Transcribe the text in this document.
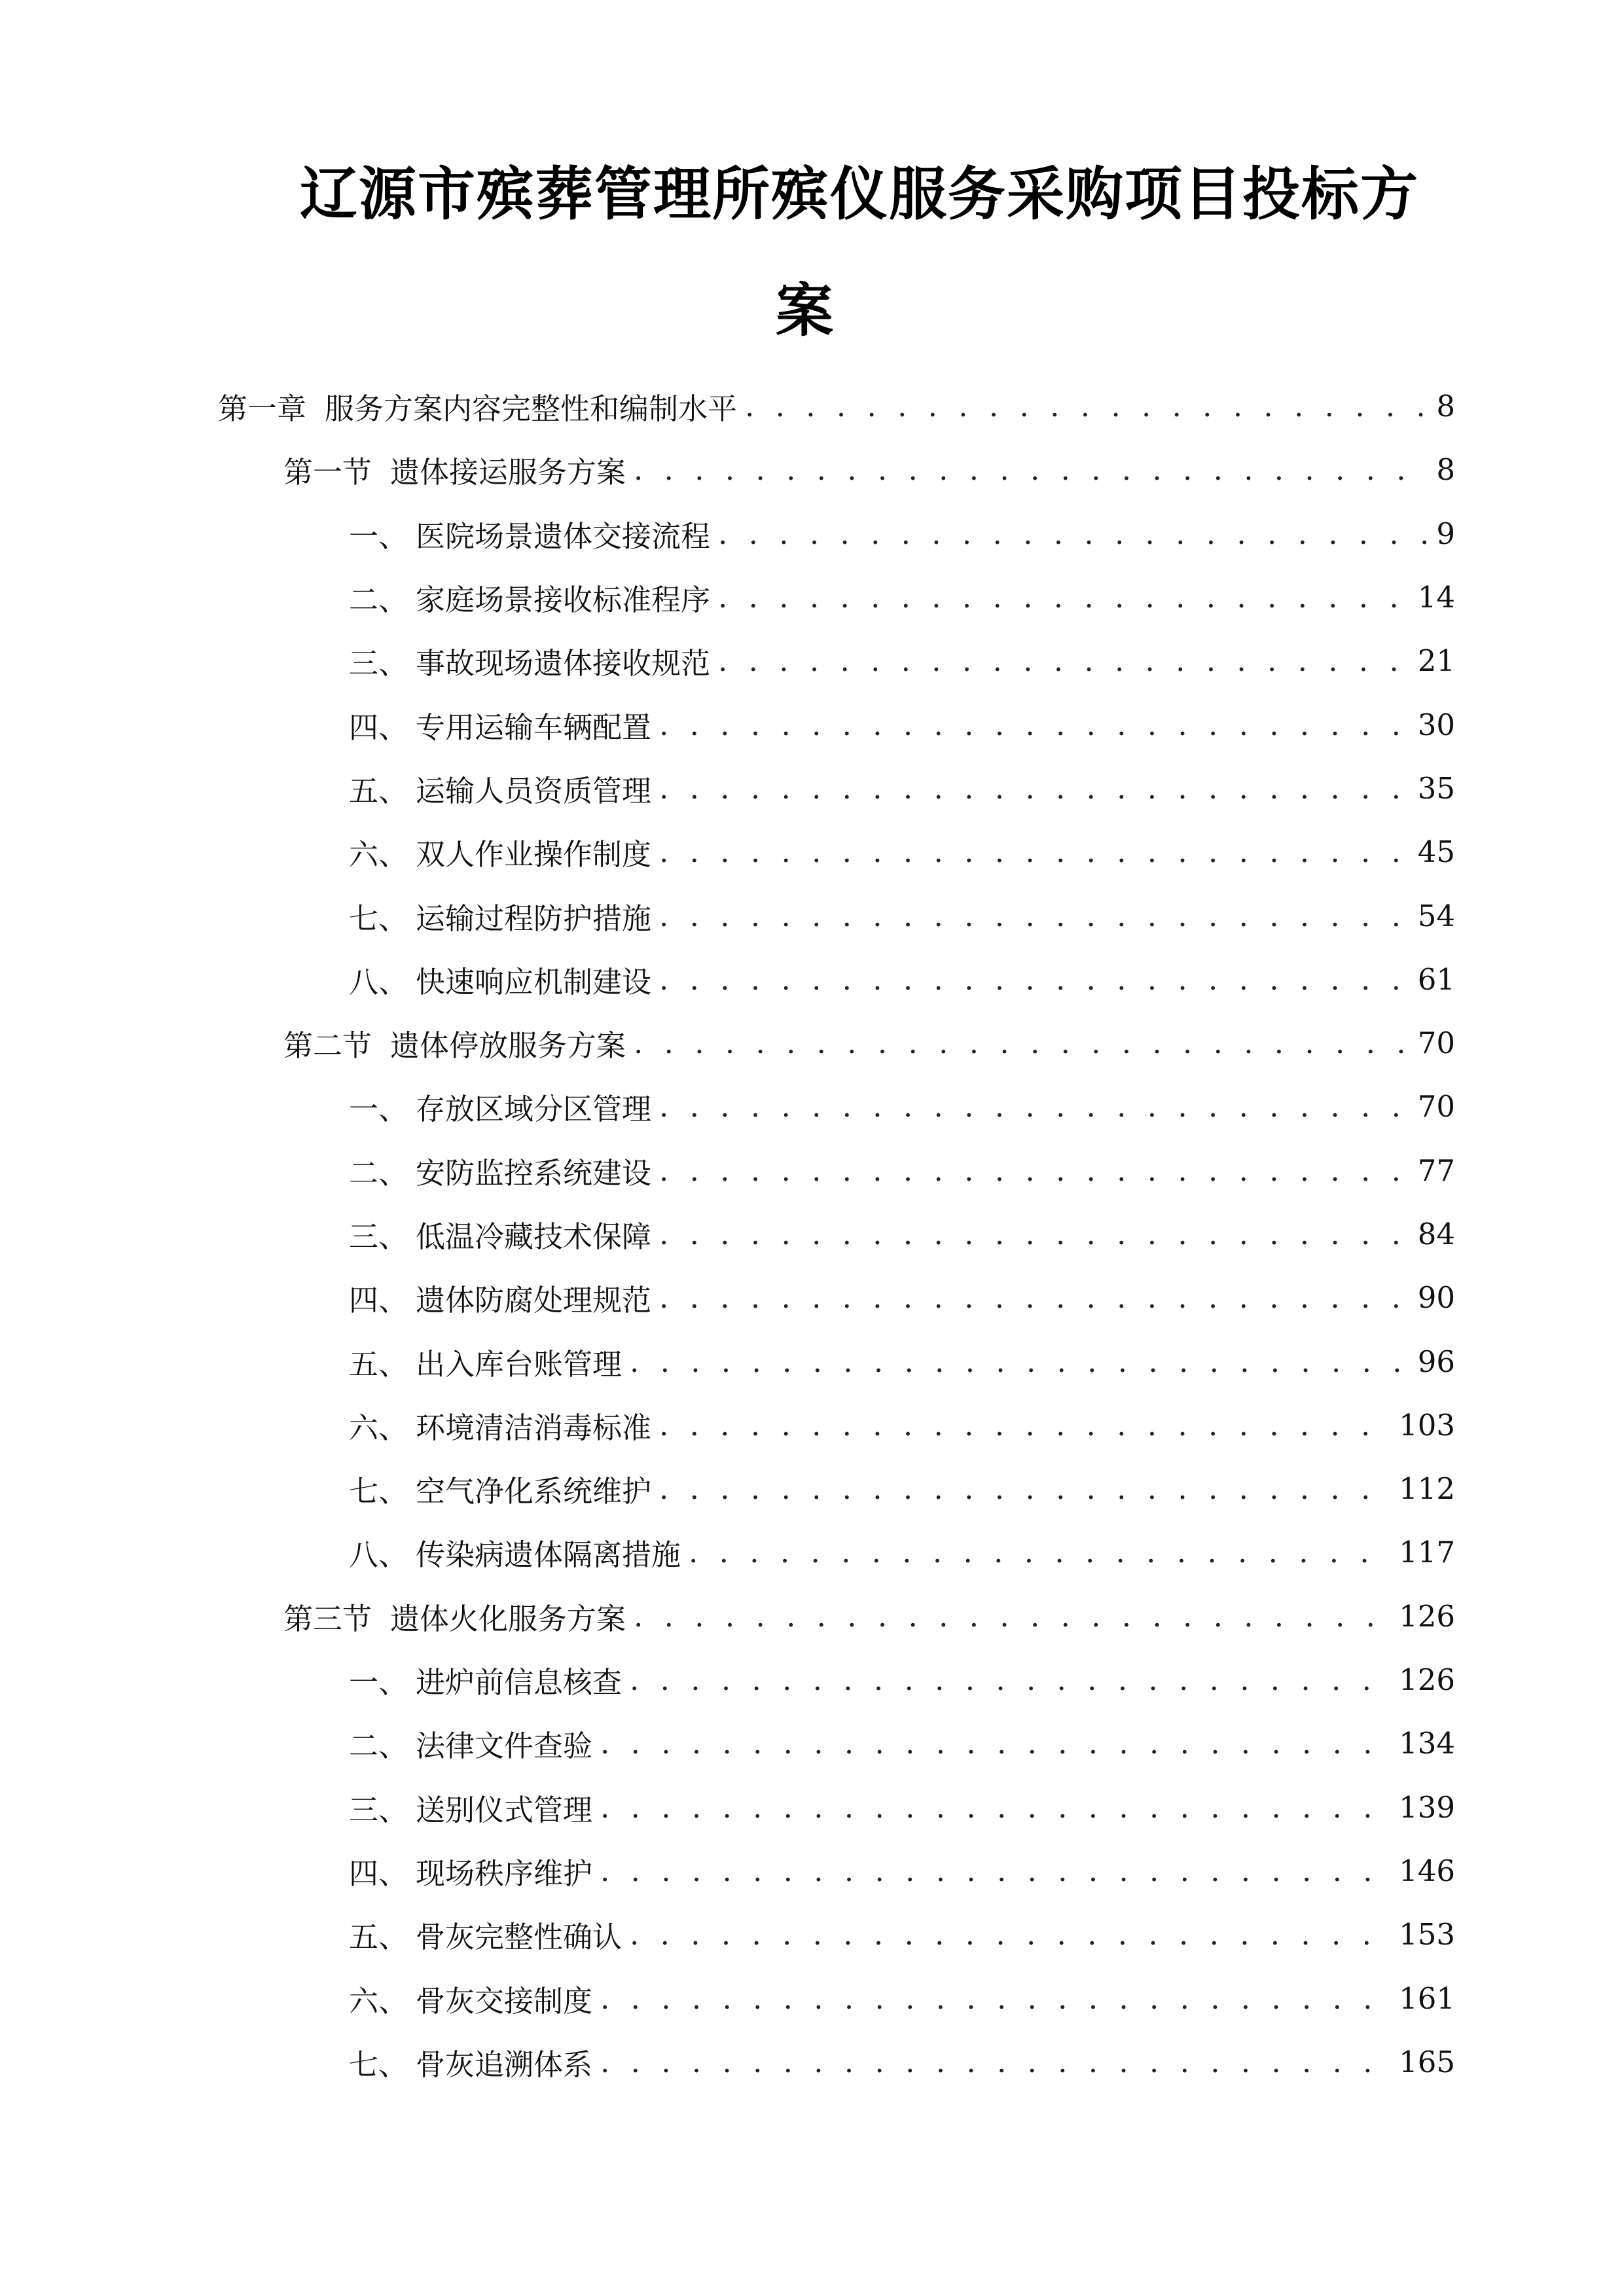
辽源市殡葬管理所殡仪服务采购项目投标方
案
第一章 服务方案内容完整性和编制水平 . . .	8
第一节 遗体接运服务方案 . . .	8
一、 医院场景遗体交接流程 . . .	9
二、 家庭场景接收标准程序 . . .	14
三、 事故现场遗体接收规范 . . .	21
四、 专用运输车辆配置 . . .	30
五、 运输人员资质管理 . . .	35
六、 双人作业操作制度 . . .	45
七、 运输过程防护措施 . . .	54
八、 快速响应机制建设 . . .	61
第二节 遗体停放服务方案 . . .	70
一、 存放区域分区管理 . . .	70
二、 安防监控系统建设 . . .	77
三、 低温冷藏技术保障 . . .	84
四、 遗体防腐处理规范 . . .	90
五、 出入库台账管理 . . .	96
六、 环境清洁消毒标准 . . .	103
七、 空气净化系统维护 . . .	112
八、 传染病遗体隔离措施 . . .	117
第三节 遗体火化服务方案 . . .	126
一、 进炉前信息核查 . . .	126
二、 法律文件查验 . . .	134
三、 送别仪式管理 . . .	139
四、 现场秩序维护 . . .	146
五、 骨灰完整性确认 . . .	153
六、 骨灰交接制度 . . .	161
七、 骨灰追溯体系 . . .	165
